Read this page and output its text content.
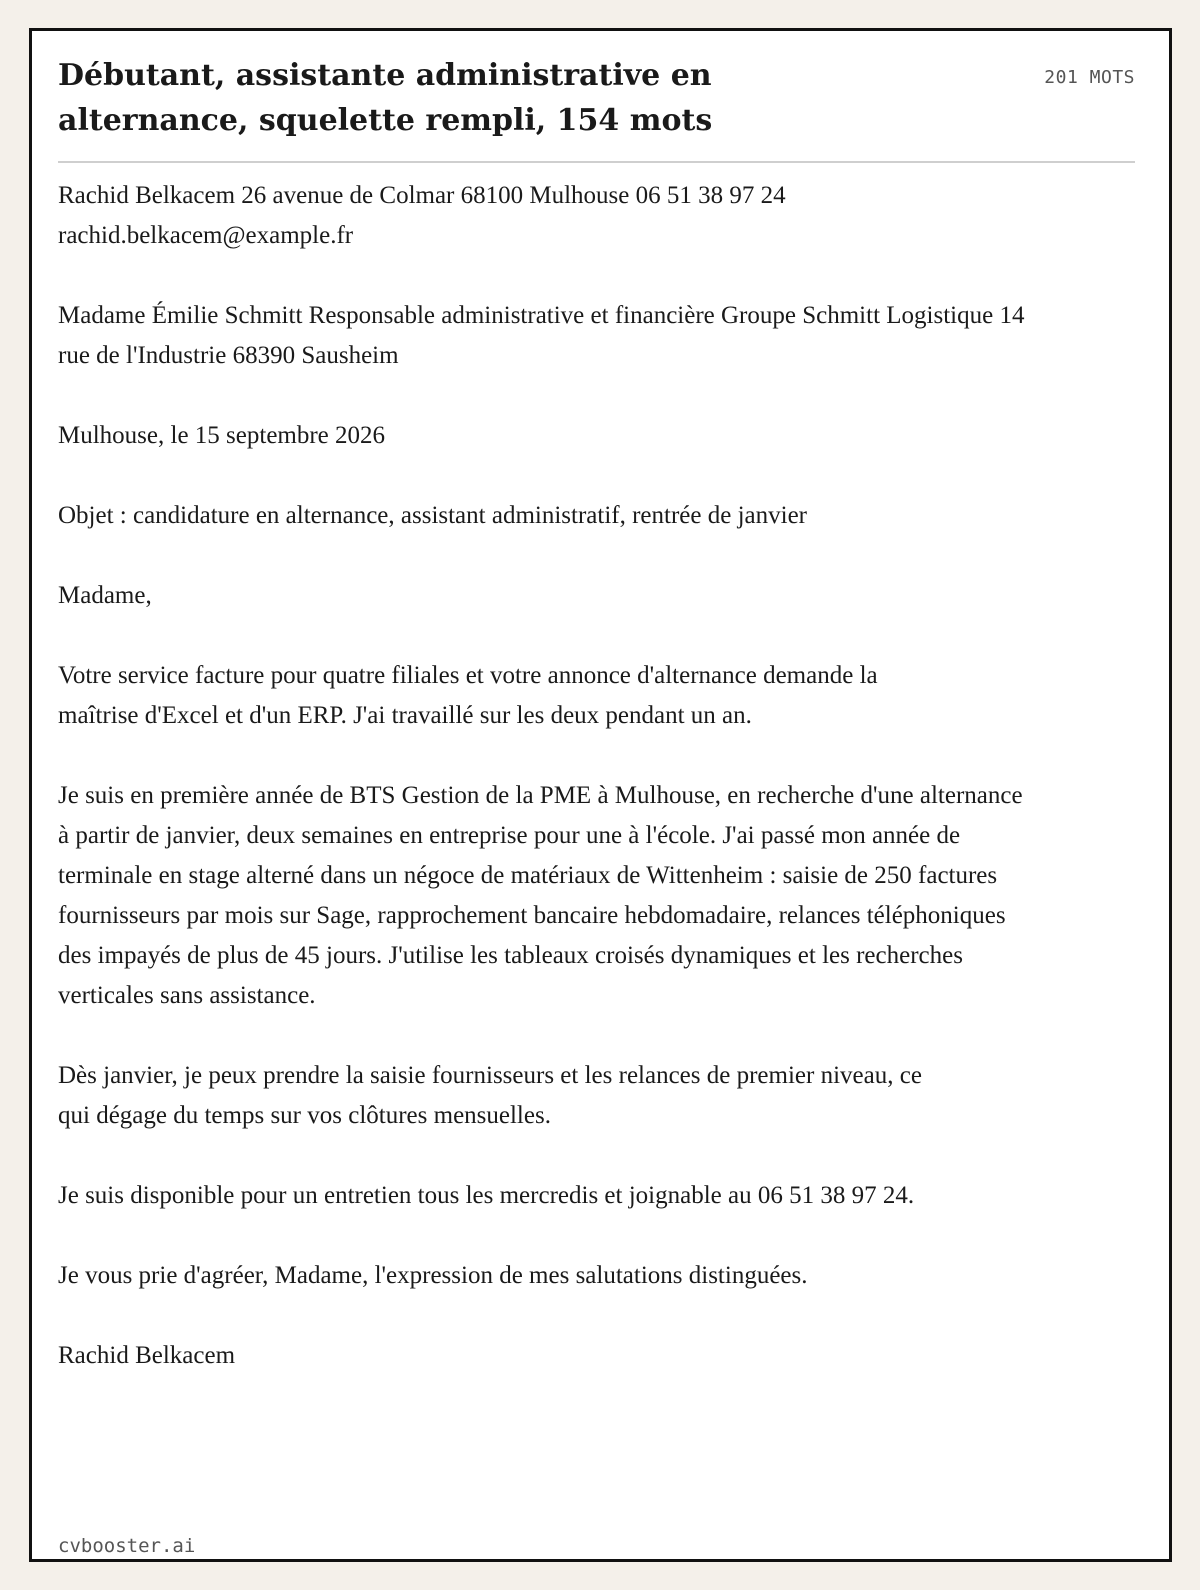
Débutant, assistante administrative en alternance, squelette rempli, 154 mots
201 MOTS

Rachid Belkacem 26 avenue de Colmar 68100 Mulhouse 06 51 38 97 24 rachid.belkacem@example.fr

Madame Émilie Schmitt Responsable administrative et financière Groupe Schmitt Logistique 14 rue de l'Industrie 68390 Sausheim

Mulhouse, le 15 septembre 2026

Objet : candidature en alternance, assistant administratif, rentrée de janvier

Madame,

Votre service facture pour quatre filiales et votre annonce d'alternance demande la maîtrise d'Excel et d'un ERP. J'ai travaillé sur les deux pendant un an.

Je suis en première année de BTS Gestion de la PME à Mulhouse, en recherche d'une alternance à partir de janvier, deux semaines en entreprise pour une à l'école. J'ai passé mon année de terminale en stage alterné dans un négoce de matériaux de Wittenheim : saisie de 250 factures fournisseurs par mois sur Sage, rapprochement bancaire hebdomadaire, relances téléphoniques des impayés de plus de 45 jours. J'utilise les tableaux croisés dynamiques et les recherches verticales sans assistance.

Dès janvier, je peux prendre la saisie fournisseurs et les relances de premier niveau, ce qui dégage du temps sur vos clôtures mensuelles.

Je suis disponible pour un entretien tous les mercredis et joignable au 06 51 38 97 24.

Je vous prie d'agréer, Madame, l'expression de mes salutations distinguées.

Rachid Belkacem

cvbooster.ai
